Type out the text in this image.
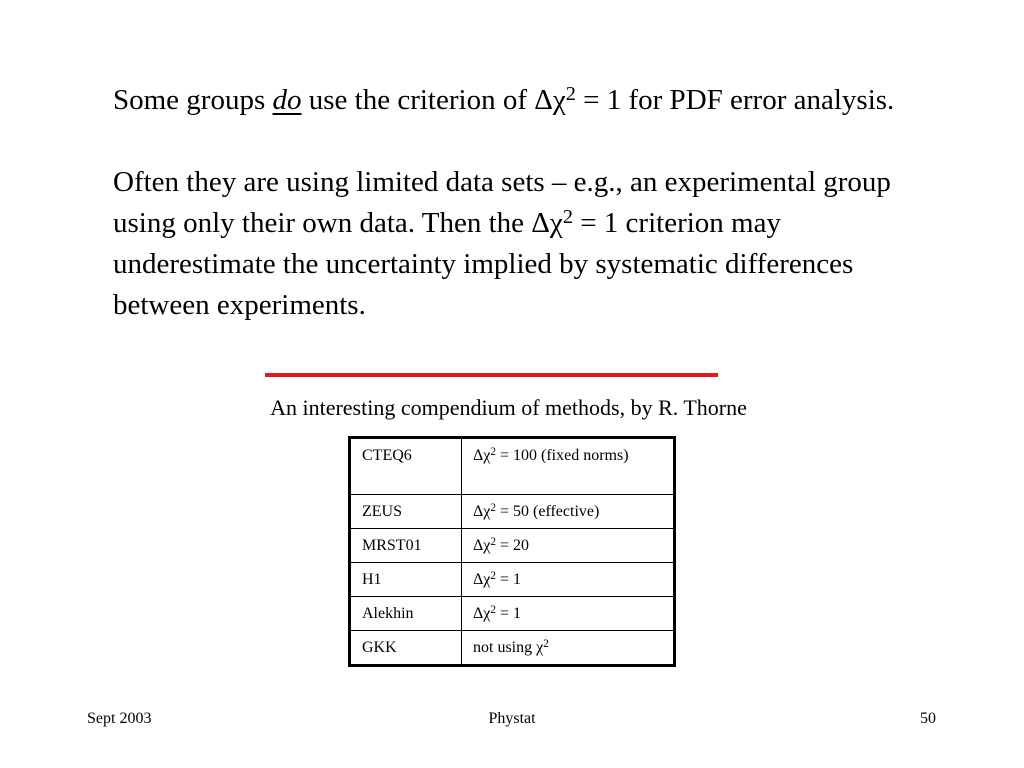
Some groups do use the criterion of $\Delta\chi^2 = 1$ for PDF error analysis.

Often they are using limited data sets – e.g., an experimental group using only their own data. Then the $\Delta\chi^2 = 1$ criterion may underestimate the uncertainty implied by systematic differences between experiments.

An interesting compendium of methods, by R. Thorne
CTEQ6	$\Delta\chi^2 = 100$ (fixed norms)
ZEUS	$\Delta\chi^2 = 50$ (effective)
MRST01	$\Delta\chi^2 = 20$
H1	$\Delta\chi^2 = 1$
Alekhin	$\Delta\chi^2 = 1$
GKK	not using $\chi^2$
Sept 2003	Phystat	50
